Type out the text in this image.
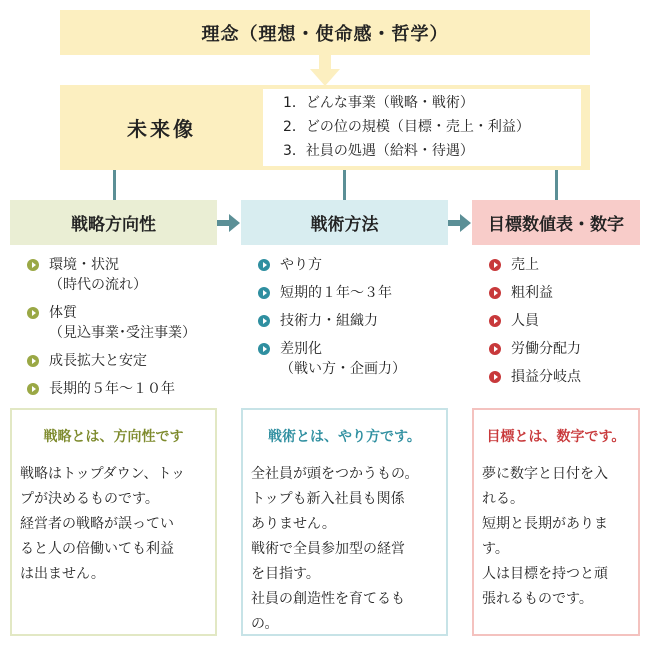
理念（理想・使命感・哲学）
未来像
1．どんな事業（戦略・戦術）
2．どの位の規模（目標・売上・利益）
3．社員の処遇（給料・待遇）
戦略方向性	戦術方法	目標数値表・数字
環境・状況
（時代の流れ）
体質
（見込事業･受注事業）
成長拡大と安定
長期的５年～１０年
やり方
短期的１年～３年
技術力・組織力
差別化
（戦い方・企画力）
売上
粗利益
人員
労働分配力
損益分岐点
戦略とは、方向性です
戦略はトップダウン、トッ
プが決めるものです。
経営者の戦略が誤ってい
ると人の倍働いても利益
は出ません。
戦術とは、やり方です。
全社員が頭をつかうもの。
トップも新入社員も関係
ありません。
戦術で全員参加型の経営
を目指す。
社員の創造性を育てるも
の。
目標とは、数字です。
夢に数字と日付を入
れる。
短期と長期がありま
す。
人は目標を持つと頑
張れるものです。
